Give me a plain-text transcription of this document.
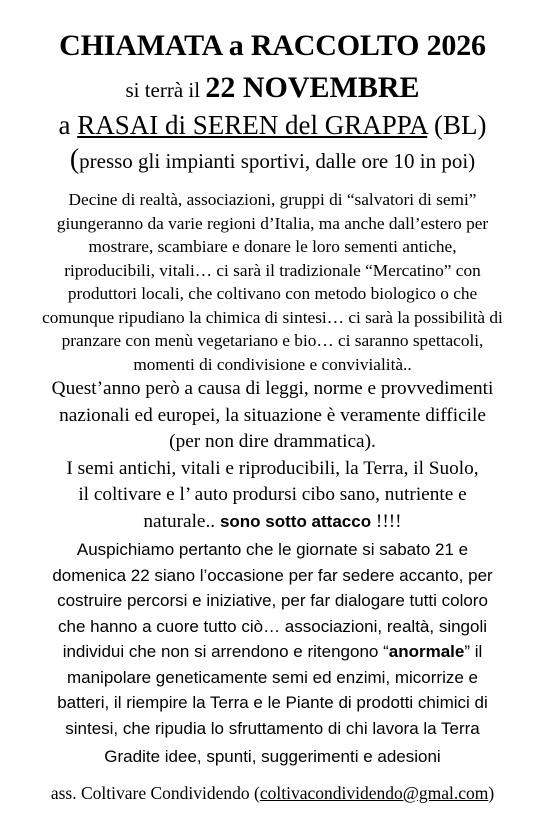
CHIAMATA a RACCOLTO 2026
si terrà il 22 NOVEMBRE
a RASAI di SEREN del GRAPPA (BL)
(presso gli impianti sportivi, dalle ore 10 in poi)
Decine di realtà, associazioni, gruppi di “salvatori di semi”
giungeranno da varie regioni d’Italia, ma anche dall’estero per
mostrare, scambiare e donare le loro sementi antiche,
riproducibili, vitali… ci sarà il tradizionale “Mercatino” con
produttori locali, che coltivano con metodo biologico o che
comunque ripudiano la chimica di sintesi… ci sarà la possibilità di
pranzare con menù vegetariano e bio… ci saranno spettacoli,
momenti di condivisione e convivialità..
Quest’anno però a causa di leggi, norme e provvedimenti
nazionali ed europei, la situazione è veramente difficile
(per non dire drammatica).
I semi antichi, vitali e riproducibili, la Terra, il Suolo,
il coltivare e l’ auto prodursi cibo sano, nutriente e
naturale.. sono sotto attacco !!!!
Auspichiamo pertanto che le giornate si sabato 21 e
domenica 22 siano l’occasione per far sedere accanto, per
costruire percorsi e iniziative, per far dialogare tutti coloro
che hanno a cuore tutto ciò… associazioni, realtà, singoli
individui che non si arrendono e ritengono “anormale” il
manipolare geneticamente semi ed enzimi, micorrize e
batteri, il riempire la Terra e le Piante di prodotti chimici di
sintesi, che ripudia lo sfruttamento di chi lavora la Terra
Gradite idee, spunti, suggerimenti e adesioni
ass. Coltivare Condividendo (coltivacondividendo@gmal.com)
